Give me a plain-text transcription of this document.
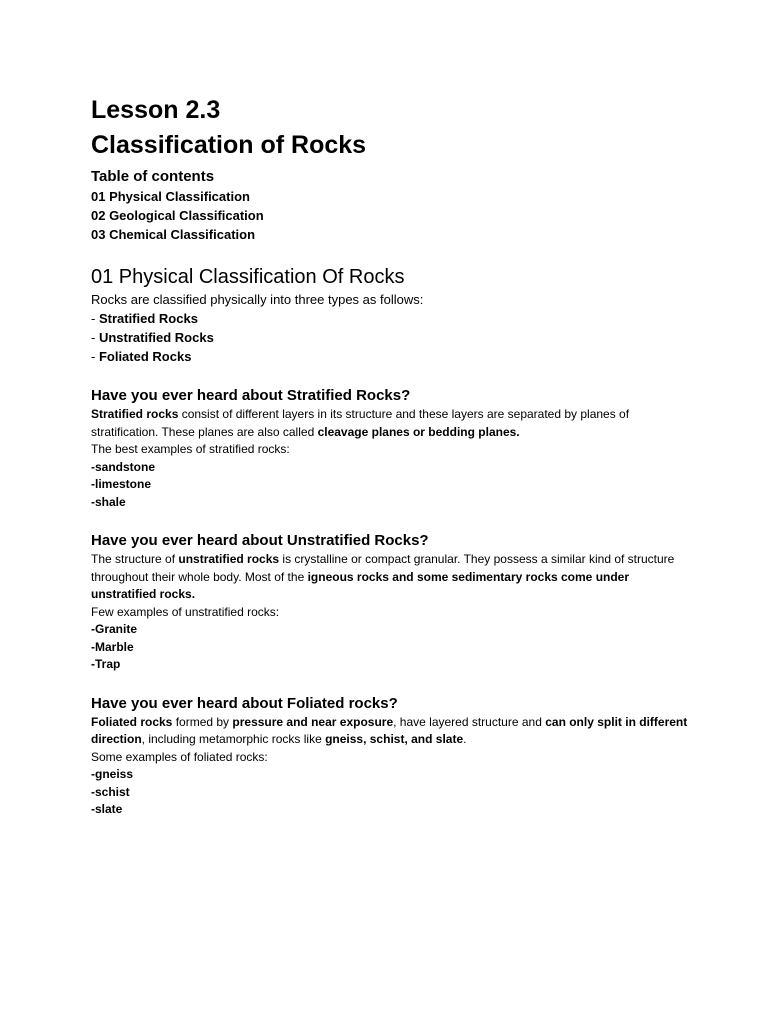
Lesson 2.3
Classification of Rocks
Table of contents
01 Physical Classification
02 Geological Classification
03 Chemical Classification
01 Physical Classification Of Rocks

Rocks are classified physically into three types as follows:

- Stratified Rocks
- Unstratified Rocks
- Foliated Rocks
Have you ever heard about Stratified Rocks?

Stratified rocks consist of different layers in its structure and these layers are separated by planes of stratification. These planes are also called cleavage planes or bedding planes.

The best examples of stratified rocks:

-sandstone
-limestone
-shale
Have you ever heard about Unstratified Rocks?

The structure of unstratified rocks is crystalline or compact granular. They possess a similar kind of structure throughout their whole body. Most of the igneous rocks and some sedimentary rocks come under unstratified rocks.

Few examples of unstratified rocks:

-Granite
-Marble
-Trap
Have you ever heard about Foliated rocks?

Foliated rocks formed by pressure and near exposure, have layered structure and can only split in different direction, including metamorphic rocks like gneiss, schist, and slate.

Some examples of foliated rocks:

-gneiss
-schist
-slate
